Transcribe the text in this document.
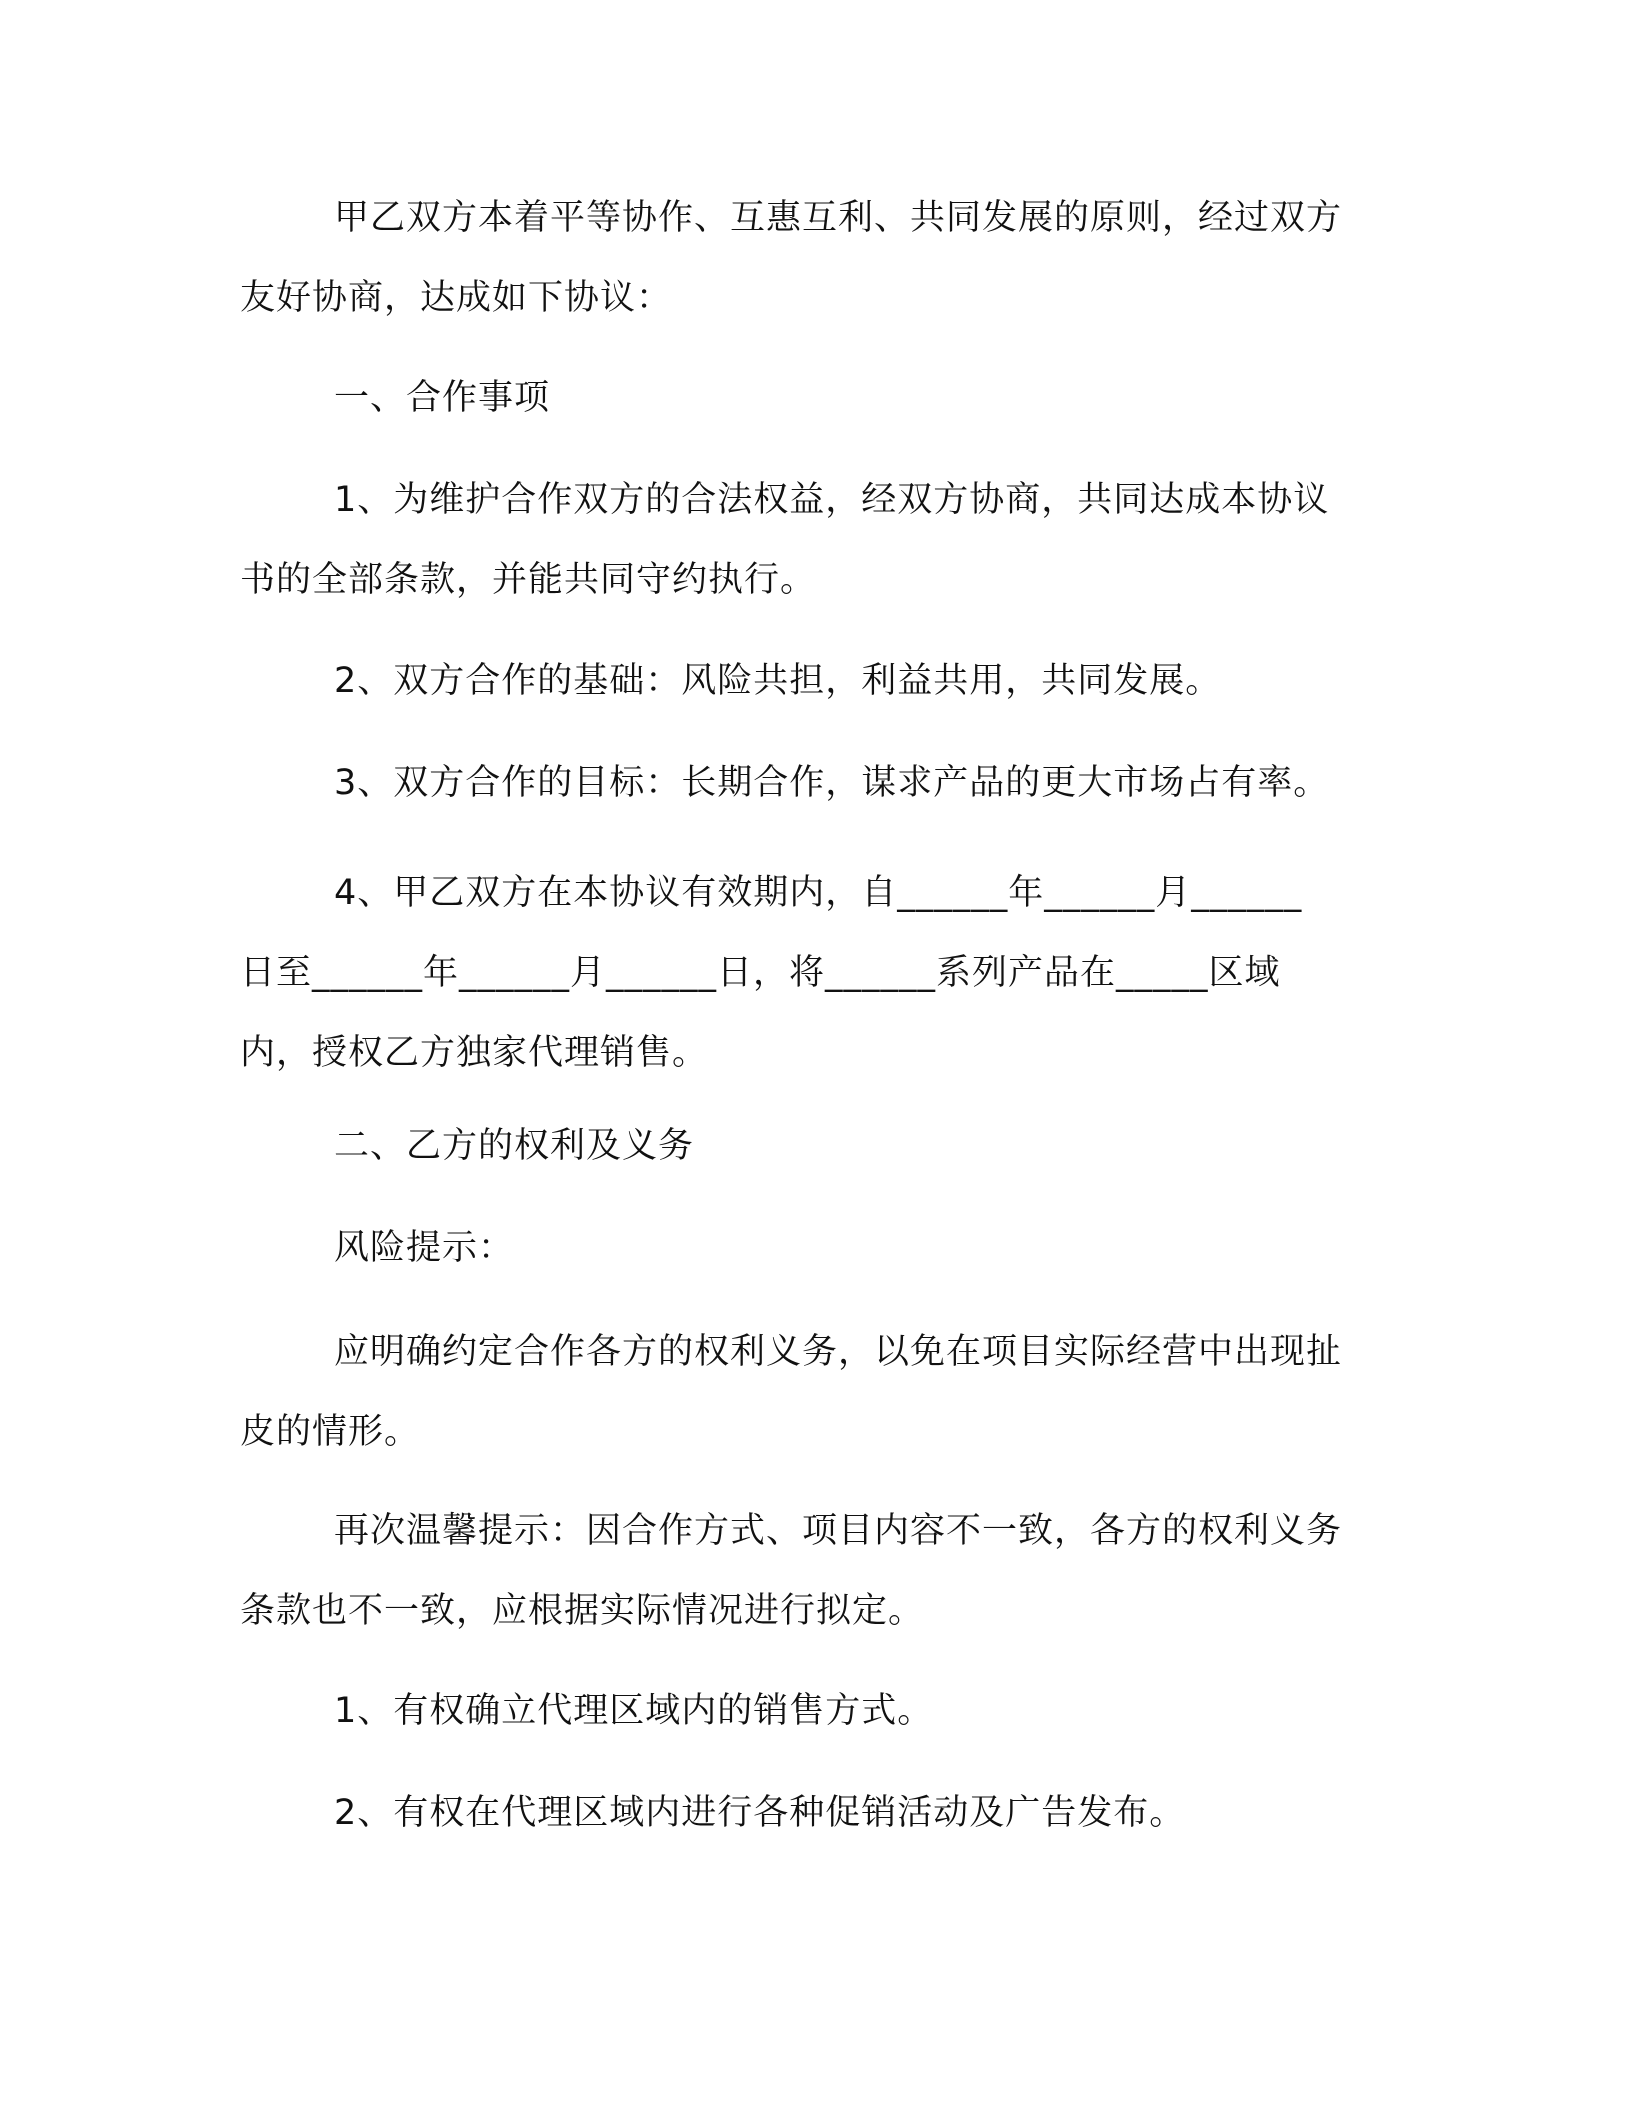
甲乙双方本着平等协作、互惠互利、共同发展的原则，经过双方
友好协商，达成如下协议：
一、合作事项
1、为维护合作双方的合法权益，经双方协商，共同达成本协议
书的全部条款，并能共同守约执行。
2、双方合作的基础：风险共担，利益共用，共同发展。
3、双方合作的目标：长期合作，谋求产品的更大市场占有率。
4、甲乙双方在本协议有效期内，自______年______月______
日至______年______月______日，将______系列产品在_____区域
内，授权乙方独家代理销售。
二、乙方的权利及义务
风险提示：
应明确约定合作各方的权利义务，以免在项目实际经营中出现扯
皮的情形。
再次温馨提示：因合作方式、项目内容不一致，各方的权利义务
条款也不一致，应根据实际情况进行拟定。
1、有权确立代理区域内的销售方式。
2、有权在代理区域内进行各种促销活动及广告发布。
